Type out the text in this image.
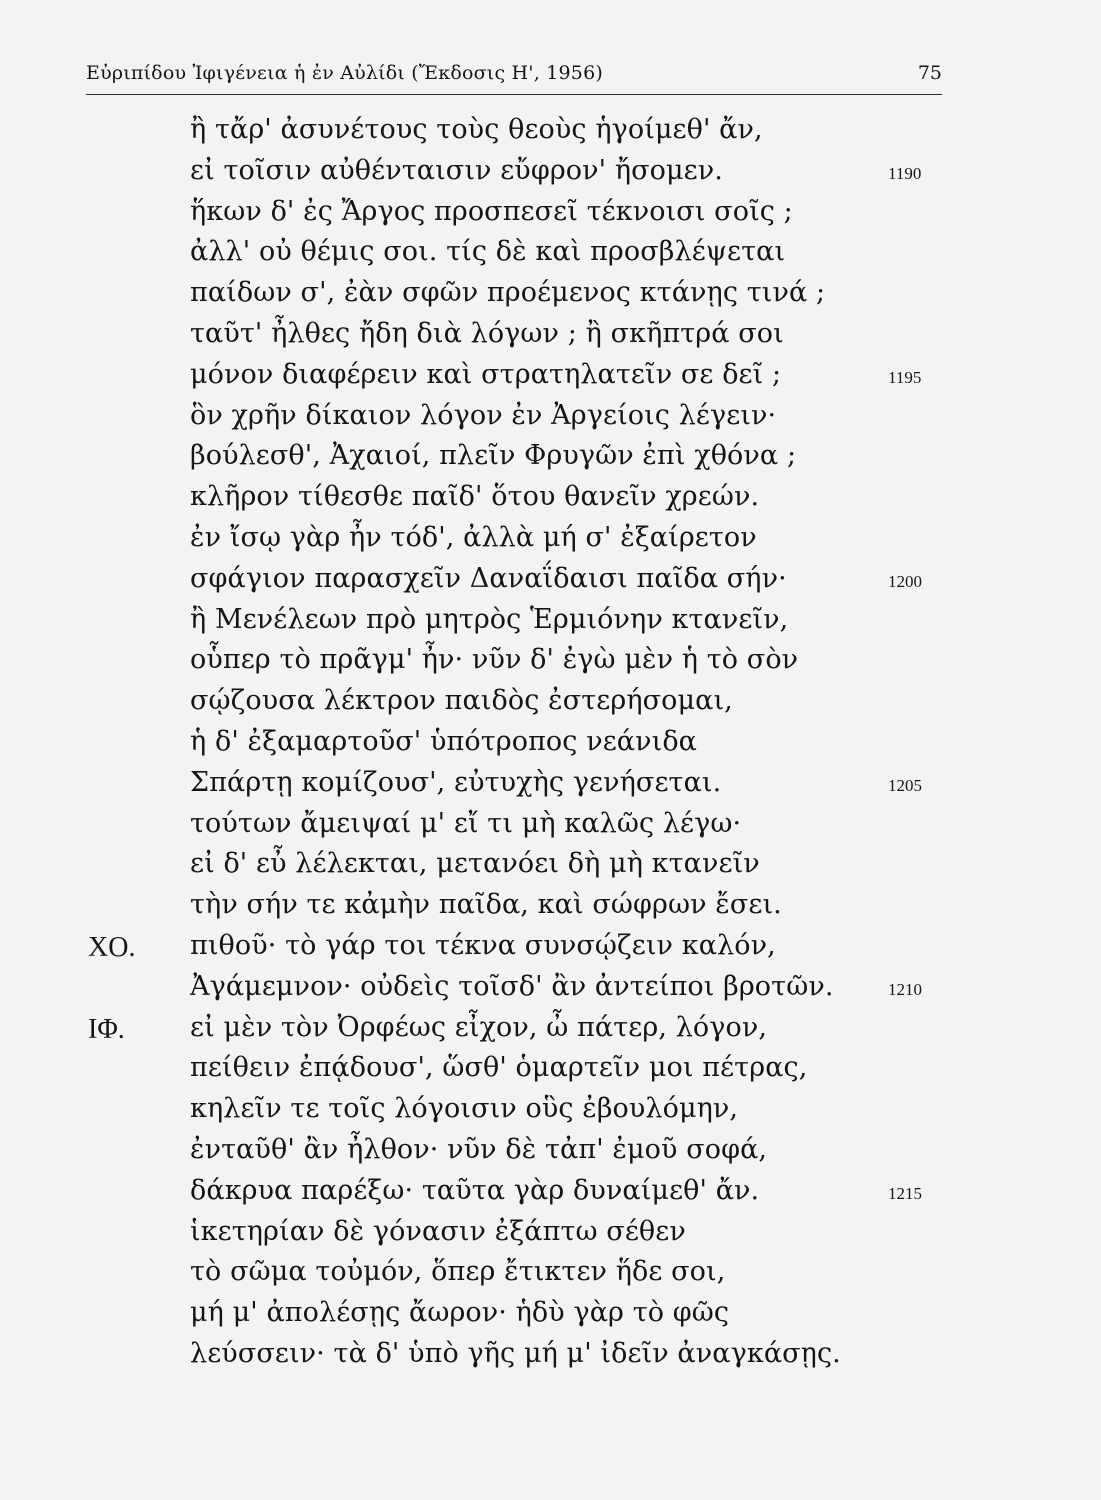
Εὐριπίδου Ἰφιγένεια ἡ ἐν Αὐλίδι (Ἔκδοσις Η', 1956)	75
ἢ τἄρ' ἀσυνέτους τοὺς θεοὺς ἡγοίμεθ' ἄν,
εἰ τοῖσιν αὐθένταισιν εὔφρον' ἤσομεν.	1190
ἥκων δ' ἐς Ἄργος προσπεσεῖ τέκνοισι σοῖς ;
ἀλλ' οὐ θέμις σοι. τίς δὲ καὶ προσβλέψεται
παίδων σ', ἐὰν σφῶν προέμενος κτάνῃς τινά ;
ταῦτ' ἦλθες ἤδη διὰ λόγων ; ἢ σκῆπτρά σοι
μόνον διαφέρειν καὶ στρατηλατεῖν σε δεῖ ;	1195
ὃν χρῆν δίκαιον λόγον ἐν Ἀργείοις λέγειν·
βούλεσθ', Ἀχαιοί, πλεῖν Φρυγῶν ἐπὶ χθόνα ;
κλῆρον τίθεσθε παῖδ' ὅτου θανεῖν χρεών.
ἐν ἴσῳ γὰρ ἦν τόδ', ἀλλὰ μή σ' ἐξαίρετον
σφάγιον παρασχεῖν Δαναΐδαισι παῖδα σήν·	1200
ἢ Μενέλεων πρὸ μητρὸς Ἑρμιόνην κτανεῖν,
οὗπερ τὸ πρᾶγμ' ἦν· νῦν δ' ἐγὼ μὲν ἡ τὸ σὸν
σῴζουσα λέκτρον παιδὸς ἐστερήσομαι,
ἡ δ' ἐξαμαρτοῦσ' ὑπότροπος νεάνιδα
Σπάρτῃ κομίζουσ', εὐτυχὴς γενήσεται.	1205
τούτων ἄμειψαί μ' εἴ τι μὴ καλῶς λέγω·
εἰ δ' εὖ λέλεκται, μετανόει δὴ μὴ κτανεῖν
τὴν σήν τε κἀμὴν παῖδα, καὶ σώφρων ἔσει.
ΧΟ. πιθοῦ· τὸ γάρ τοι τέκνα συνσῴζειν καλόν,
Ἀγάμεμνον· οὐδεὶς τοῖσδ' ἂν ἀντείποι βροτῶν.	1210
ΙΦ. εἰ μὲν τὸν Ὀρφέως εἶχον, ὦ πάτερ, λόγον,
πείθειν ἐπᾴδουσ', ὥσθ' ὁμαρτεῖν μοι πέτρας,
κηλεῖν τε τοῖς λόγοισιν οὓς ἐβουλόμην,
ἐνταῦθ' ἂν ἦλθον· νῦν δὲ τἀπ' ἐμοῦ σοφά,
δάκρυα παρέξω· ταῦτα γὰρ δυναίμεθ' ἄν.	1215
ἱκετηρίαν δὲ γόνασιν ἐξάπτω σέθεν
τὸ σῶμα τοὐμόν, ὅπερ ἔτικτεν ἥδε σοι,
μή μ' ἀπολέσῃς ἄωρον· ἡδὺ γὰρ τὸ φῶς
λεύσσειν· τὰ δ' ὑπὸ γῆς μή μ' ἰδεῖν ἀναγκάσῃς.
